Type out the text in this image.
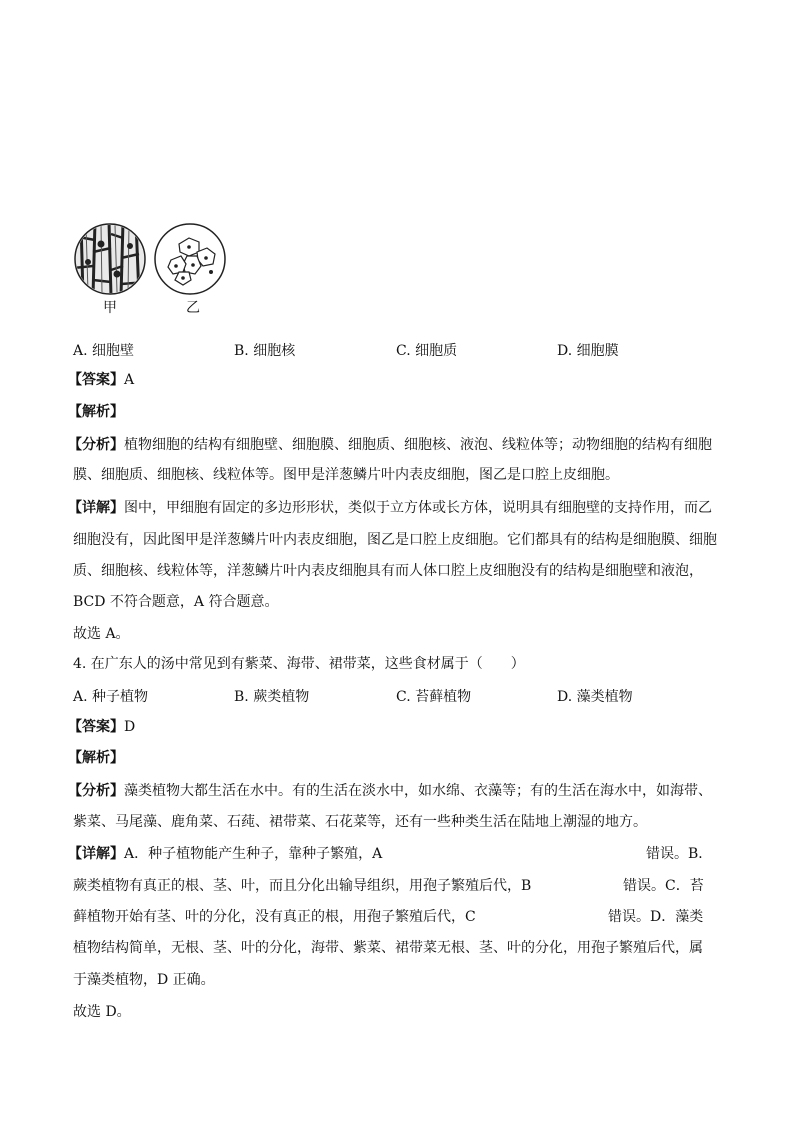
甲	乙
A. 细胞壁	B. 细胞核	C. 细胞质	D. 细胞膜
【答案】A
【解析】
【分析】植物细胞的结构有细胞壁、细胞膜、细胞质、细胞核、液泡、线粒体等；动物细胞的结构有细胞
膜、细胞质、细胞核、线粒体等。图甲是洋葱鳞片叶内表皮细胞，图乙是口腔上皮细胞。
【详解】图中，甲细胞有固定的多边形形状，类似于立方体或长方体，说明具有细胞壁的支持作用，而乙
细胞没有，因此图甲是洋葱鳞片叶内表皮细胞，图乙是口腔上皮细胞。它们都具有的结构是细胞膜、细胞
质、细胞核、线粒体等，洋葱鳞片叶内表皮细胞具有而人体口腔上皮细胞没有的结构是细胞壁和液泡，
BCD 不符合题意，A 符合题意。
故选 A。
4. 在广东人的汤中常见到有紫菜、海带、裙带菜，这些食材属于（　　）
A. 种子植物	B. 蕨类植物	C. 苔藓植物	D. 藻类植物
【答案】D
【解析】
【分析】藻类植物大都生活在水中。有的生活在淡水中，如水绵、衣藻等；有的生活在海水中，如海带、
紫菜、马尾藻、鹿角菜、石莼、裙带菜、石花菜等，还有一些种类生活在陆地上潮湿的地方。
【详解】A．种子植物能产生种子，靠种子繁殖，A	错误。B．
蕨类植物有真正的根、茎、叶，而且分化出输导组织，用孢子繁殖后代，B	错误。C．苔
藓植物开始有茎、叶的分化，没有真正的根，用孢子繁殖后代，C	错误。D．藻类
植物结构简单，无根、茎、叶的分化，海带、紫菜、裙带菜无根、茎、叶的分化，用孢子繁殖后代，属
于藻类植物，D 正确。
故选 D。
